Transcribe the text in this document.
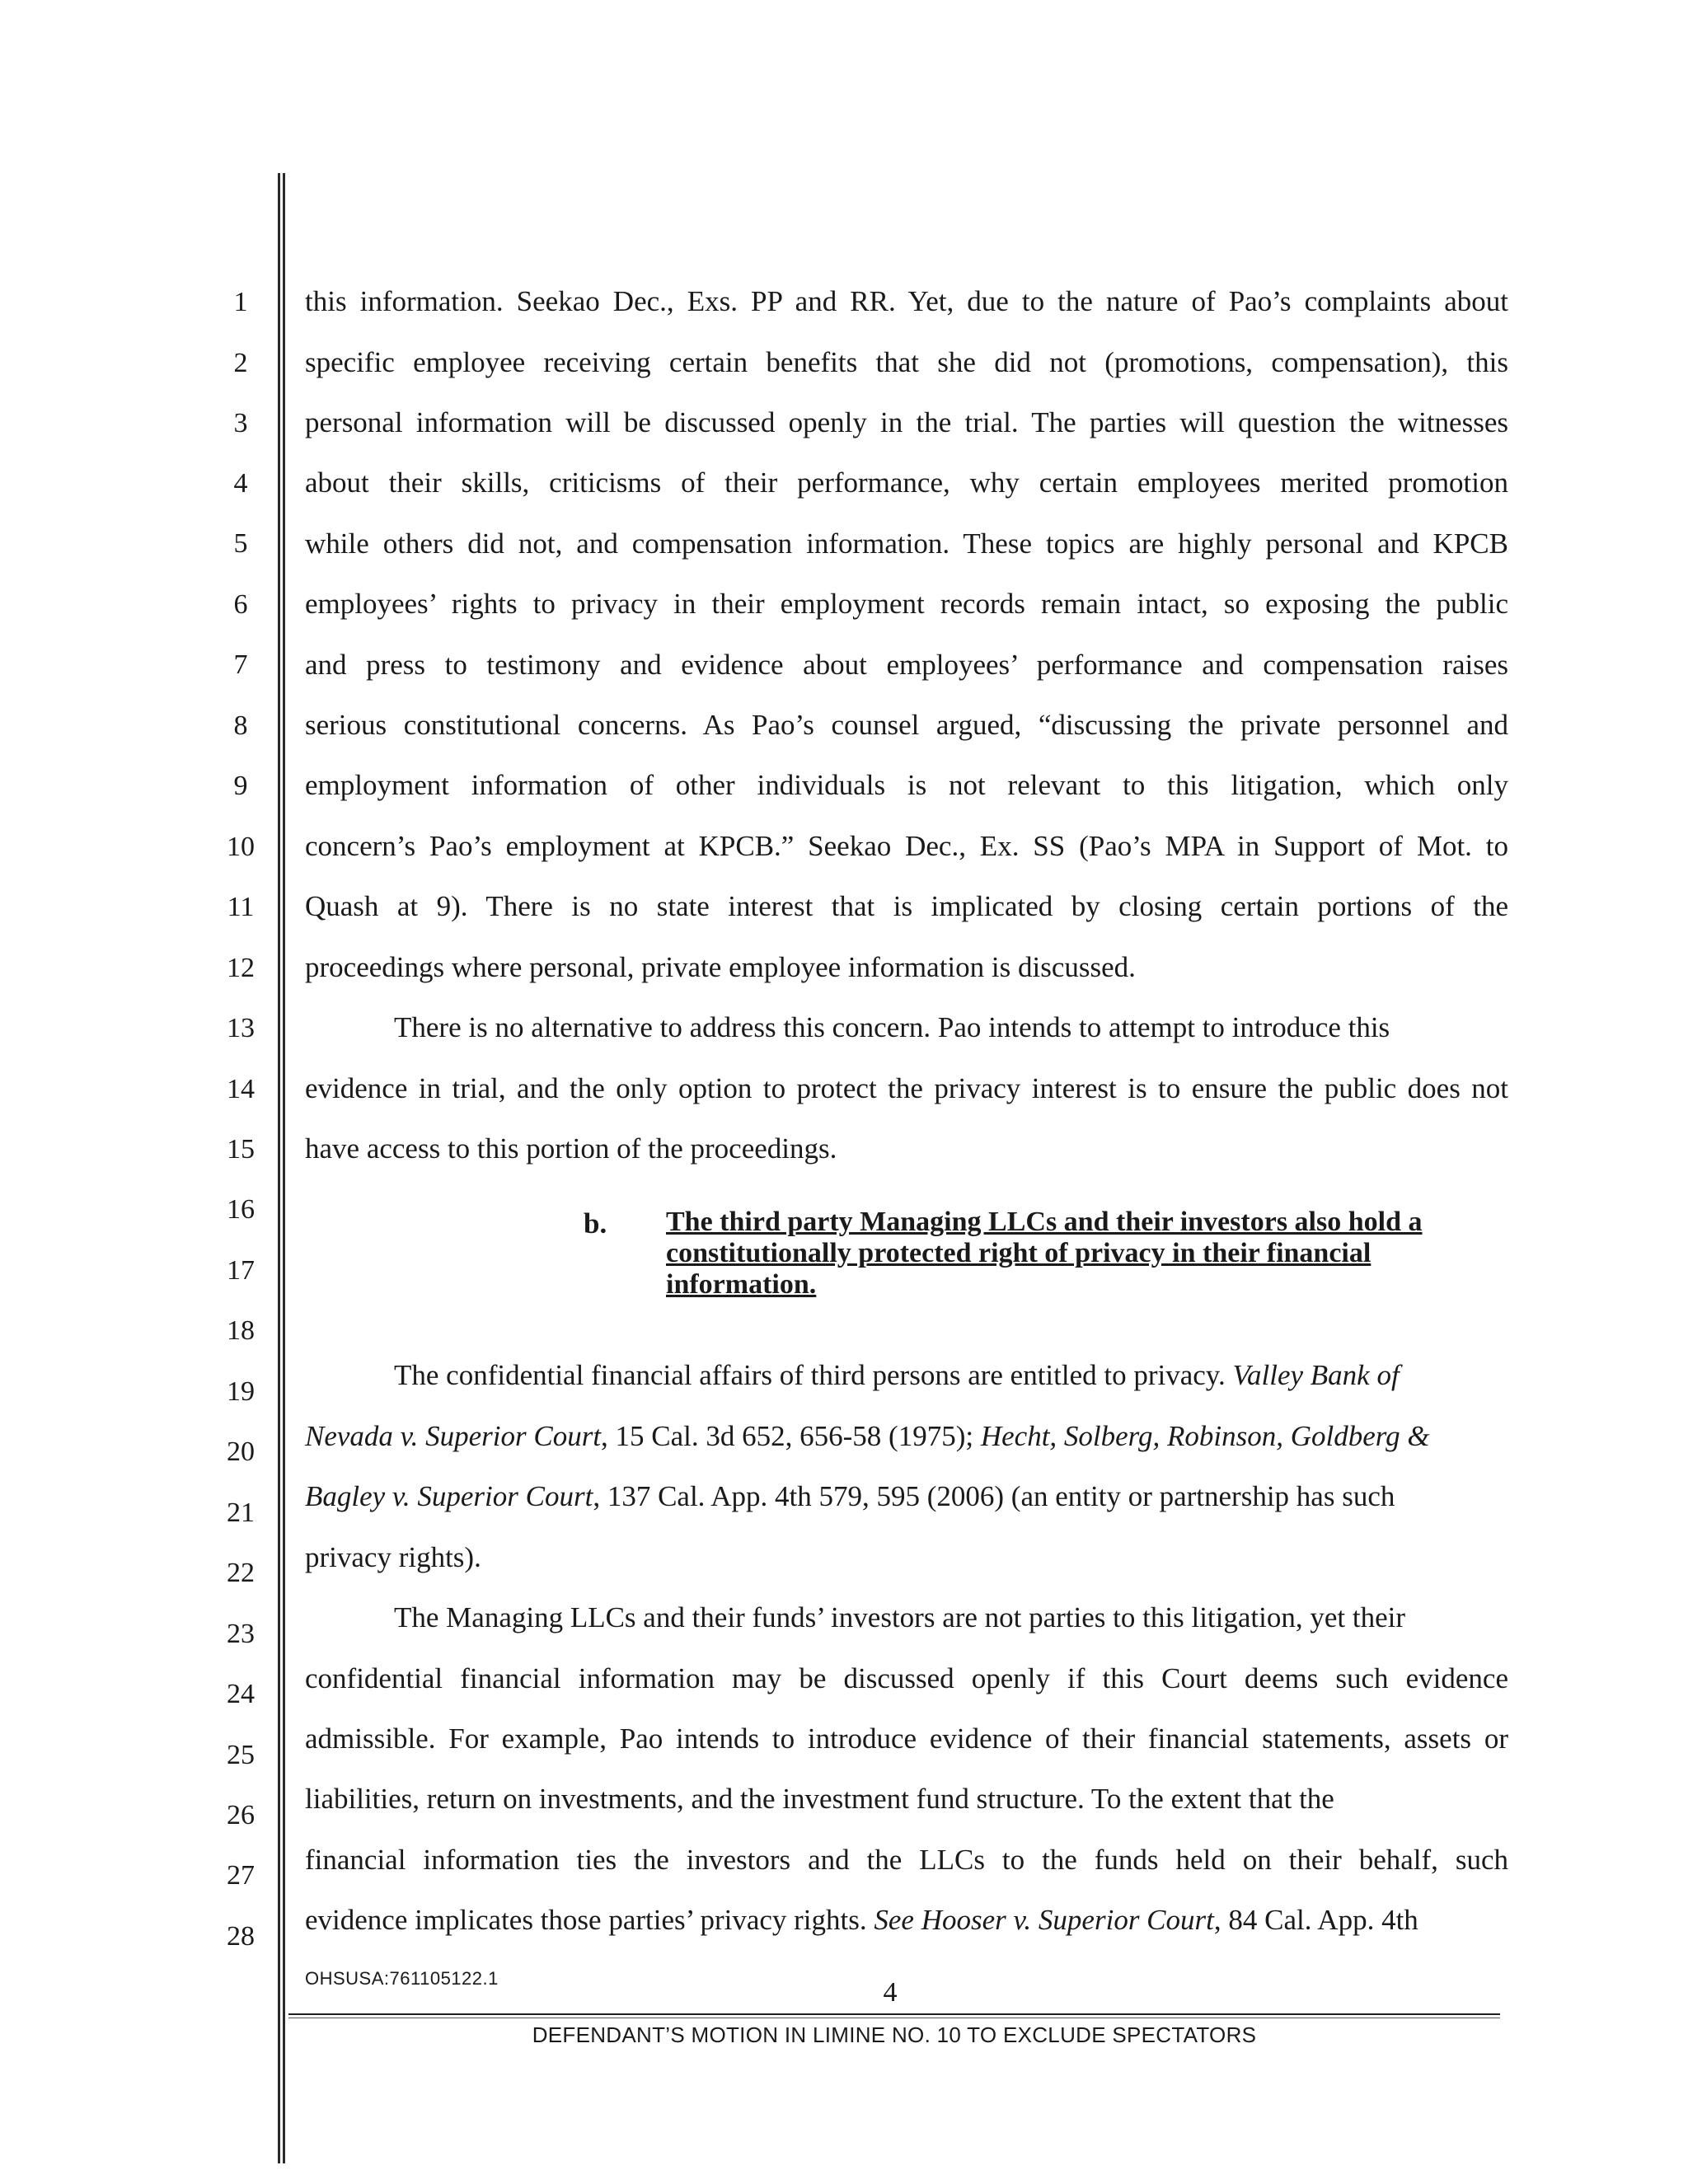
1
2
3
4
5
6
7
8
9
10
11
12
13
14
15
16
17
18
19
20
21
22
23
24
25
26
27
28
this information. Seekao Dec., Exs. PP and RR. Yet, due to the nature of Pao’s complaints about
specific employee receiving certain benefits that she did not (promotions, compensation), this
personal information will be discussed openly in the trial. The parties will question the witnesses
about their skills, criticisms of their performance, why certain employees merited promotion
while others did not, and compensation information. These topics are highly personal and KPCB
employees’ rights to privacy in their employment records remain intact, so exposing the public
and press to testimony and evidence about employees’ performance and compensation raises
serious constitutional concerns. As Pao’s counsel argued, “discussing the private personnel and
employment information of other individuals is not relevant to this litigation, which only
concern’s Pao’s employment at KPCB.” Seekao Dec., Ex. SS (Pao’s MPA in Support of Mot. to
Quash at 9). There is no state interest that is implicated by closing certain portions of the
proceedings where personal, private employee information is discussed.
There is no alternative to address this concern. Pao intends to attempt to introduce this
evidence in trial, and the only option to protect the privacy interest is to ensure the public does not
have access to this portion of the proceedings.
b. The third party Managing LLCs and their investors also hold a
constitutionally protected right of privacy in their financial
information.
The confidential financial affairs of third persons are entitled to privacy. Valley Bank of
Nevada v. Superior Court, 15 Cal. 3d 652, 656-58 (1975); Hecht, Solberg, Robinson, Goldberg &
Bagley v. Superior Court, 137 Cal. App. 4th 579, 595 (2006) (an entity or partnership has such
privacy rights).
The Managing LLCs and their funds’ investors are not parties to this litigation, yet their
confidential financial information may be discussed openly if this Court deems such evidence
admissible. For example, Pao intends to introduce evidence of their financial statements, assets or
liabilities, return on investments, and the investment fund structure. To the extent that the
financial information ties the investors and the LLCs to the funds held on their behalf, such
evidence implicates those parties’ privacy rights. See Hooser v. Superior Court, 84 Cal. App. 4th
OHSUSA:761105122.1	4
DEFENDANT’S MOTION IN LIMINE NO. 10 TO EXCLUDE SPECTATORS
